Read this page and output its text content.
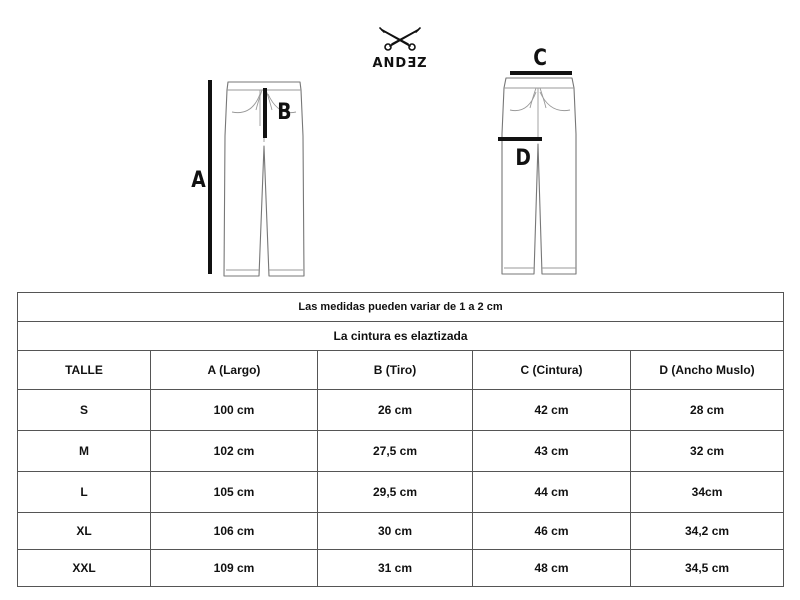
ANDƎZ
A
B
C
D
Las medidas pueden variar de 1 a 2 cm				
La cintura es elaztizada				
TALLE	A (Largo)	B (Tiro)	C (Cintura)	D (Ancho Muslo)
S	100 cm	26 cm	42 cm	28 cm
M	102 cm	27,5 cm	43 cm	32 cm
L	105 cm	29,5 cm	44 cm	34cm
XL	106 cm	30 cm	46 cm	34,2 cm
XXL	109 cm	31 cm	48 cm	34,5 cm
